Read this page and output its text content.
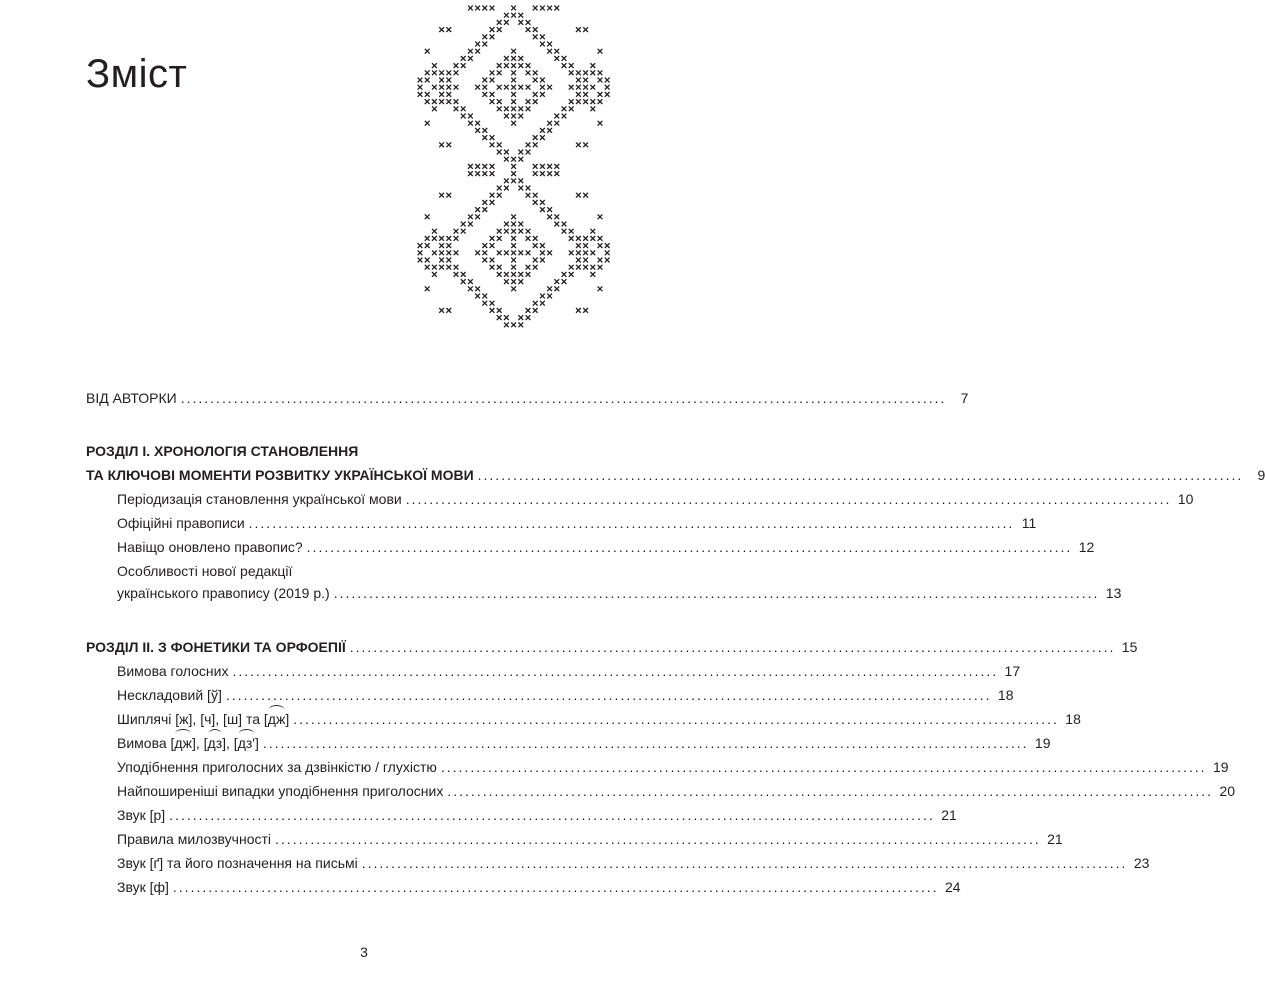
Зміст
ВІД АВТОРКИ ..................................................................................................................................	7
РОЗДІЛ І. ХРОНОЛОГІЯ СТАНОВЛЕННЯ
ТА КЛЮЧОВІ МОМЕНТИ РОЗВИТКУ УКРАЇНСЬКОЇ МОВИ ..................................................................................................................................	9
Періодизація становлення української мови .................................................................................................................................. 10
Офіційні правописи .................................................................................................................................. 11
Навіщо оновлено правопис? .................................................................................................................................. 12
Особливості нової редакції
українського правопису (2019 р.) .................................................................................................................................. 13
РОЗДІЛ ІІ. З ФОНЕТИКИ ТА ОРФОЕПІЇ .................................................................................................................................. 15
Вимова голосних .................................................................................................................................. 17
Нескладовий [ў] .................................................................................................................................. 18
Шиплячі [ж], [ч], [ш] та [дж] .................................................................................................................................. 18
Вимова [дж], [дз], [дз'] .................................................................................................................................. 19
Уподібнення приголосних за дзвінкістю / глухістю .................................................................................................................................. 19
Найпоширеніші випадки уподібнення приголосних .................................................................................................................................. 20
Звук [р] .................................................................................................................................. 21
Правила милозвучності .................................................................................................................................. 21
Звук [ґ] та його позначення на письмі .................................................................................................................................. 23
Звук [ф] .................................................................................................................................. 24
3
